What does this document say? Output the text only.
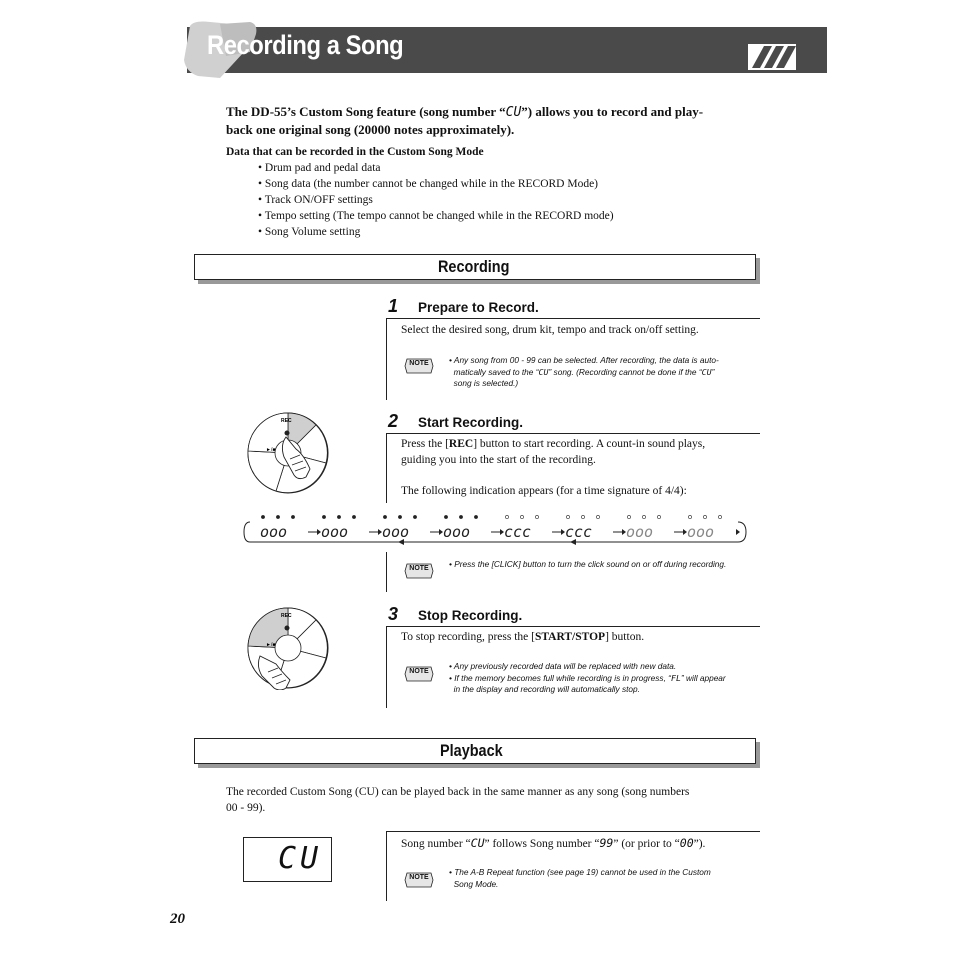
Recording a Song
The DD-55’s Custom Song feature (song number “CU”) allows you to record and play-
back one original song (20000 notes approximately).
Data that can be recorded in the Custom Song Mode
• Drum pad and pedal data
• Song data (the number cannot be changed while in the RECORD Mode)
• Track ON/OFF settings
• Tempo setting (The tempo cannot be changed while in the RECORD mode)
• Song Volume setting
Recording
1 Prepare to Record.
Select the desired song, drum kit, tempo and track on/off setting.
NOTE	• Any song from 00 - 99 can be selected. After recording, the data is auto-
matically saved to the “CU” song. (Recording cannot be done if the “CU”
song is selected.)
REC
►/■
2 Start Recording.
Press the [REC] button to start recording. A count-in sound plays,
guiding you into the start of the recording.
The following indication appears (for a time signature of 4/4):
ooo ooo ooo ooo ccc ccc ooo ooo
NOTE	• Press the [CLICK] button to turn the click sound on or off during recording.
REC
►/■
3 Stop Recording.
To stop recording, press the [START/STOP] button.
NOTE
• Any previously recorded data will be replaced with new data.
• If the memory becomes full while recording is in progress, “FL” will appear
in the display and recording will automatically stop.
Playback
The recorded Custom Song (CU) can be played back in the same manner as any song (song numbers
00 - 99).
CU	Song number “CU” follows Song number “99” (or prior to “00”).
NOTE
• The A-B Repeat function (see page 19) cannot be used in the Custom
Song Mode.
20
